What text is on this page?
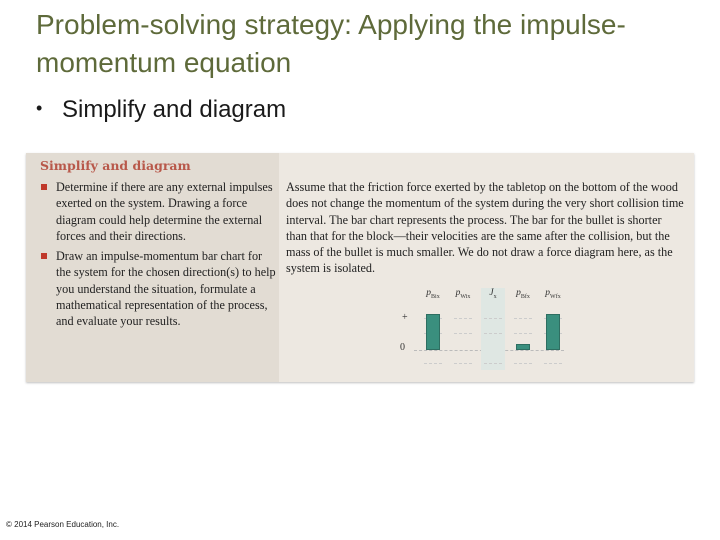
Problem-solving strategy: Applying the impulse-momentum equation
• Simplify and diagram
Simplify and diagram
Determine if there are any external impulses exerted on the system. Drawing a force diagram could help determine the external forces and their directions.
Draw an impulse-momentum bar chart for the system for the chosen direction(s) to help you understand the situation, formulate a mathematical representation of the process, and evaluate your results.
Assume that the friction force exerted by the tabletop on the bottom of the wood does not change the momentum of the system during the very short collision time interval. The bar chart represents the process. The bar for the bullet is shorter than that for the block—their velocities are the same after the collision, but the mass of the bullet is much smaller. We do not draw a force diagram here, as the system is isolated.
+
0
$p_{Bix}$	$p_{Wix}$	$J_x$	$p_{Bfx}$	$p_{Wfx}$
© 2014 Pearson Education, Inc.
